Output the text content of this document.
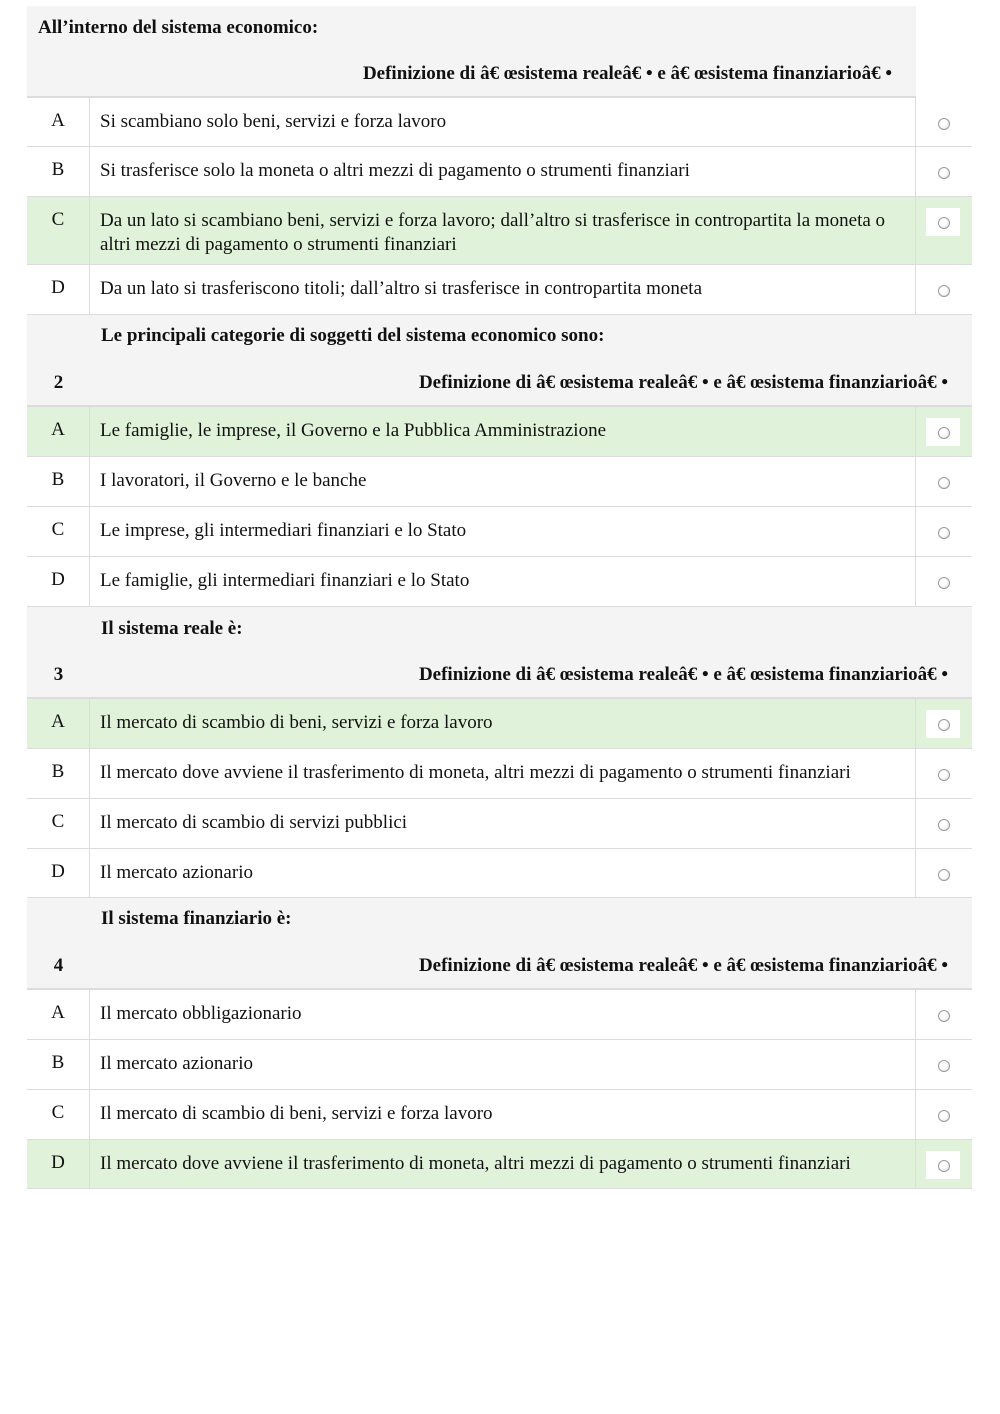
All’interno del sistema economico:
Definizione di â€ œsistema realeâ€ • e â€ œsistema finanziarioâ€ •
A	Si scambiano solo beni, servizi e forza lavoro
B	Si trasferisce solo la moneta o altri mezzi di pagamento o strumenti finanziari
C	Da un lato si scambiano beni, servizi e forza lavoro; dall’altro si trasferisce in contropartita la moneta o altri mezzi di pagamento o strumenti finanziari
D	Da un lato si trasferiscono titoli; dall’altro si trasferisce in contropartita moneta
2
Le principali categorie di soggetti del sistema economico sono:
Definizione di â€ œsistema realeâ€ • e â€ œsistema finanziarioâ€ •
A	Le famiglie, le imprese, il Governo e la Pubblica Amministrazione
B	I lavoratori, il Governo e le banche
C	Le imprese, gli intermediari finanziari e lo Stato
D	Le famiglie, gli intermediari finanziari e lo Stato
3
Il sistema reale è:
Definizione di â€ œsistema realeâ€ • e â€ œsistema finanziarioâ€ •
A	Il mercato di scambio di beni, servizi e forza lavoro
B	Il mercato dove avviene il trasferimento di moneta, altri mezzi di pagamento o strumenti finanziari
C	Il mercato di scambio di servizi pubblici
D	Il mercato azionario
4
Il sistema finanziario è:
Definizione di â€ œsistema realeâ€ • e â€ œsistema finanziarioâ€ •
A	Il mercato obbligazionario
B	Il mercato azionario
C	Il mercato di scambio di beni, servizi e forza lavoro
D	Il mercato dove avviene il trasferimento di moneta, altri mezzi di pagamento o strumenti finanziari
